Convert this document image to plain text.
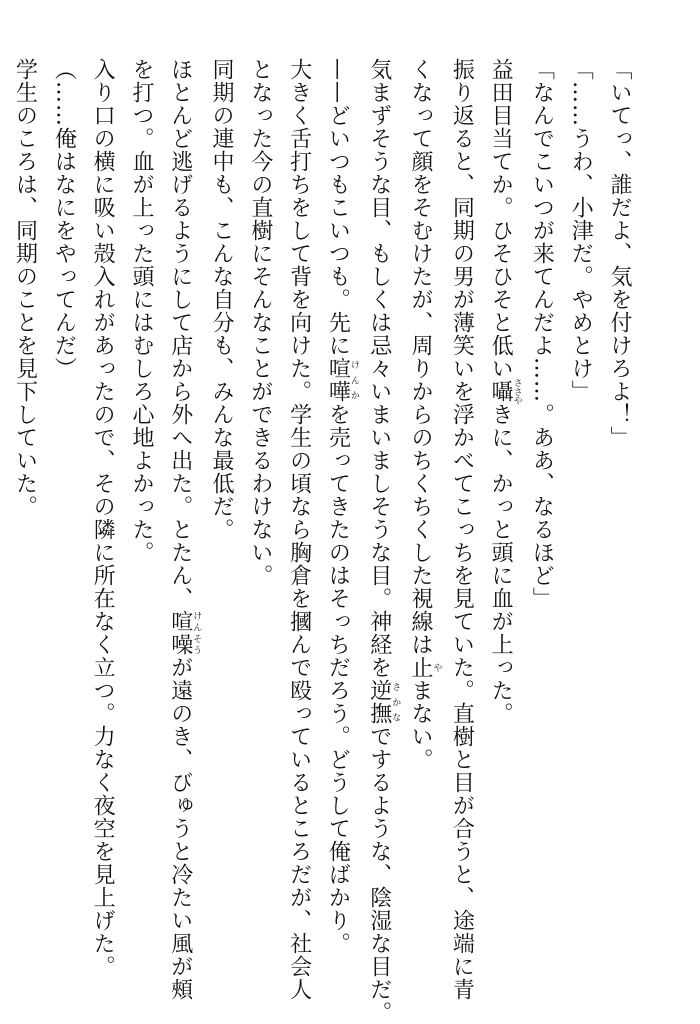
「いてっ、誰だよ、気を付けろよ！」

「……うわ、小津だ。やめとけ」

「なんでこいつが来てんだよ……。ああ、なるほど」

益田目当てか。ひそひそと低い囁ささやきに、かっと頭に血が上った。

振り返ると、同期の男が薄笑いを浮かべてこっちを見ていた。直樹と目が合うと、途端に青

くなって顔をそむけたが、周りからのちくちくした視線は止やまない。

気まずそうな目、もしくは忌々いまいましそうな目。神経を逆撫さかなでするような、陰湿な目だ。

——どいつもこいつも。先に喧嘩けんかを売ってきたのはそっちだろう。どうして俺ばかり。

大きく舌打ちをして背を向けた。学生の頃なら胸倉を摑んで殴っているところだが、社会人

となった今の直樹にそんなことができるわけない。

同期の連中も、こんな自分も、みんな最低だ。

ほとんど逃げるようにして店から外へ出た。とたん、喧噪けんそうが遠のき、びゅうと冷たい風が頰

を打つ。血が上った頭にはむしろ心地よかった。

入り口の横に吸い殻入れがあったので、その隣に所在なく立つ。力なく夜空を見上げた。

（……俺はなにをやってんだ）

学生のころは、同期のことを見下していた。
